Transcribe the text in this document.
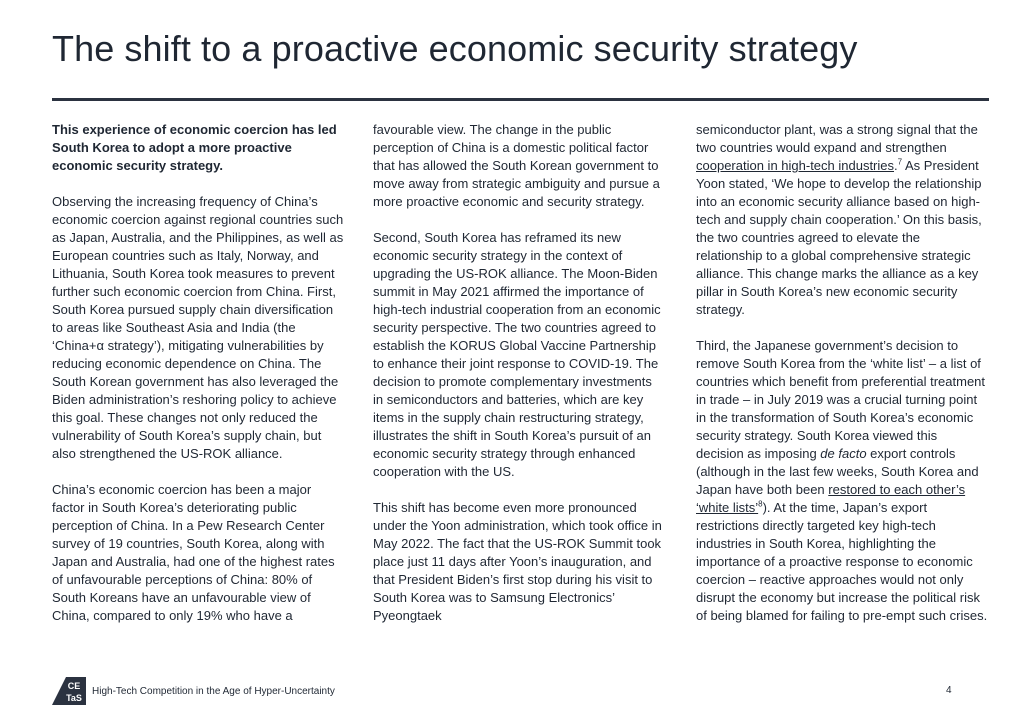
The shift to a proactive economic security strategy

This experience of economic coercion has led South Korea to adopt a more proactive economic security strategy.

Observing the increasing frequency of China’s economic coercion against regional countries such as Japan, Australia, and the Philippines, as well as European countries such as Italy, Norway, and Lithuania, South Korea took measures to prevent further such economic coercion from China. First, South Korea pursued supply chain diversification to areas like Southeast Asia and India (the ‘China+α strategy’), mitigating vulnerabilities by reducing economic dependence on China. The South Korean government has also leveraged the Biden administration’s reshoring policy to achieve this goal. These changes not only reduced the vulnerability of South Korea’s supply chain, but also strengthened the US-ROK alliance.

China’s economic coercion has been a major factor in South Korea’s deteriorating public perception of China. In a Pew Research Center survey of 19 countries, South Korea, along with Japan and Australia, had one of the highest rates of unfavourable perceptions of China: 80% of South Koreans have an unfavourable view of China, compared to only 19% who have a

favourable view. The change in the public perception of China is a domestic political factor that has allowed the South Korean government to move away from strategic ambiguity and pursue a more proactive economic and security strategy.

Second, South Korea has reframed its new economic security strategy in the context of upgrading the US-ROK alliance. The Moon-Biden summit in May 2021 affirmed the importance of high-tech industrial cooperation from an economic security perspective. The two countries agreed to establish the KORUS Global Vaccine Partnership to enhance their joint response to COVID-19. The decision to promote complementary investments in semiconductors and batteries, which are key items in the supply chain restructuring strategy, illustrates the shift in South Korea’s pursuit of an economic security strategy through enhanced cooperation with the US.

This shift has become even more pronounced under the Yoon administration, which took office in May 2022. The fact that the US-ROK Summit took place just 11 days after Yoon’s inauguration, and that President Biden’s first stop during his visit to South Korea was to Samsung Electronics’ Pyeongtaek

semiconductor plant, was a strong signal that the two countries would expand and strengthen cooperation in high-tech industries.$^7$ As President Yoon stated, ‘We hope to develop the relationship into an economic security alliance based on high-tech and supply chain cooperation.’ On this basis, the two countries agreed to elevate the relationship to a global comprehensive strategic alliance. This change marks the alliance as a key pillar in South Korea’s new economic security strategy.

Third, the Japanese government’s decision to remove South Korea from the ‘white list’ – a list of countries which benefit from preferential treatment in trade – in July 2019 was a crucial turning point in the transformation of South Korea’s economic security strategy. South Korea viewed this decision as imposing de facto export controls (although in the last few weeks, South Korea and Japan have both been restored to each other’s ‘white lists’$^8$). At the time, Japan’s export restrictions directly targeted key high-tech industries in South Korea, highlighting the importance of a proactive response to economic coercion – reactive approaches would not only disrupt the economy but increase the political risk of being blamed for failing to pre-empt such crises.

CE
TaS
High-Tech Competition in the Age of Hyper-Uncertainty	4
